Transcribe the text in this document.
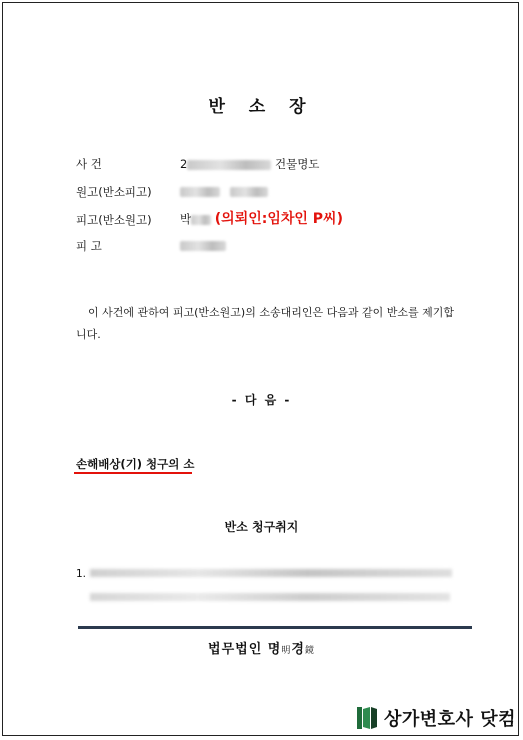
반 소 장
사 건	2	건물명도
원고(반소피고)

피고(반소원고) 박 (의뢰인:임차인 P씨)
피 고
이 사건에 관하여 피고(반소원고)의 소송대리인은 다음과 같이 반소를 제기합니다.
- 다 음 -
손해배상(기) 청구의 소
반소 청구취지
1.
법무법인 명明경鏡
상가변호사 닷컴
